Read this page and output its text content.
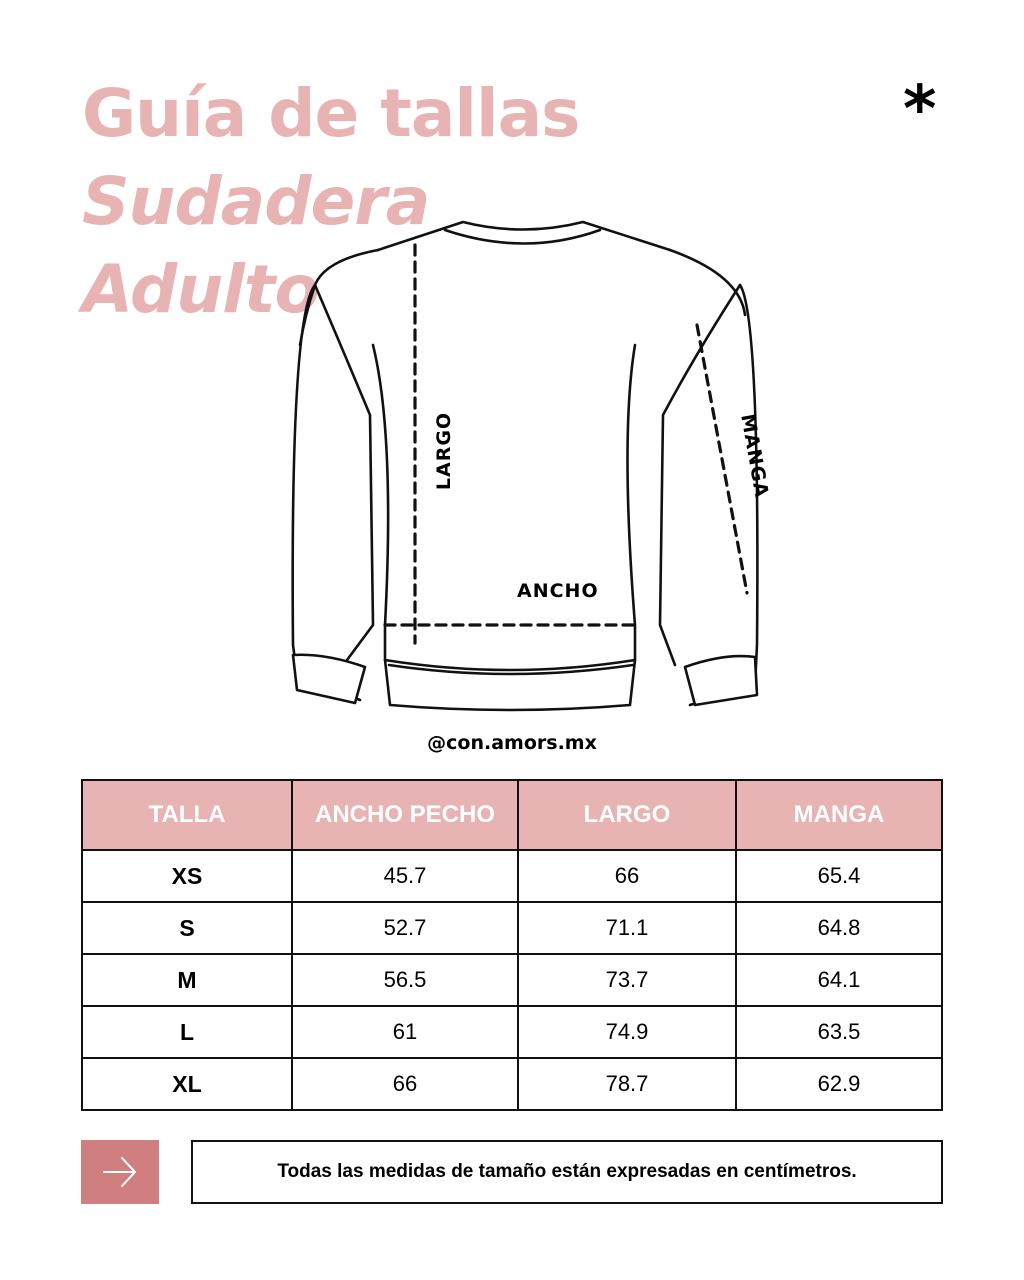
Guía de tallas
Sudadera
Adulto
*
LARGO
ANCHO
MANGA
@con.amors.mx
TALLA	ANCHO PECHO	LARGO	MANGA
XS	45.7	66	65.4
S	52.7	71.1	64.8
M	56.5	73.7	64.1
L	61	74.9	63.5
XL	66	78.7	62.9
Todas las medidas de tamaño están expresadas en centímetros.
